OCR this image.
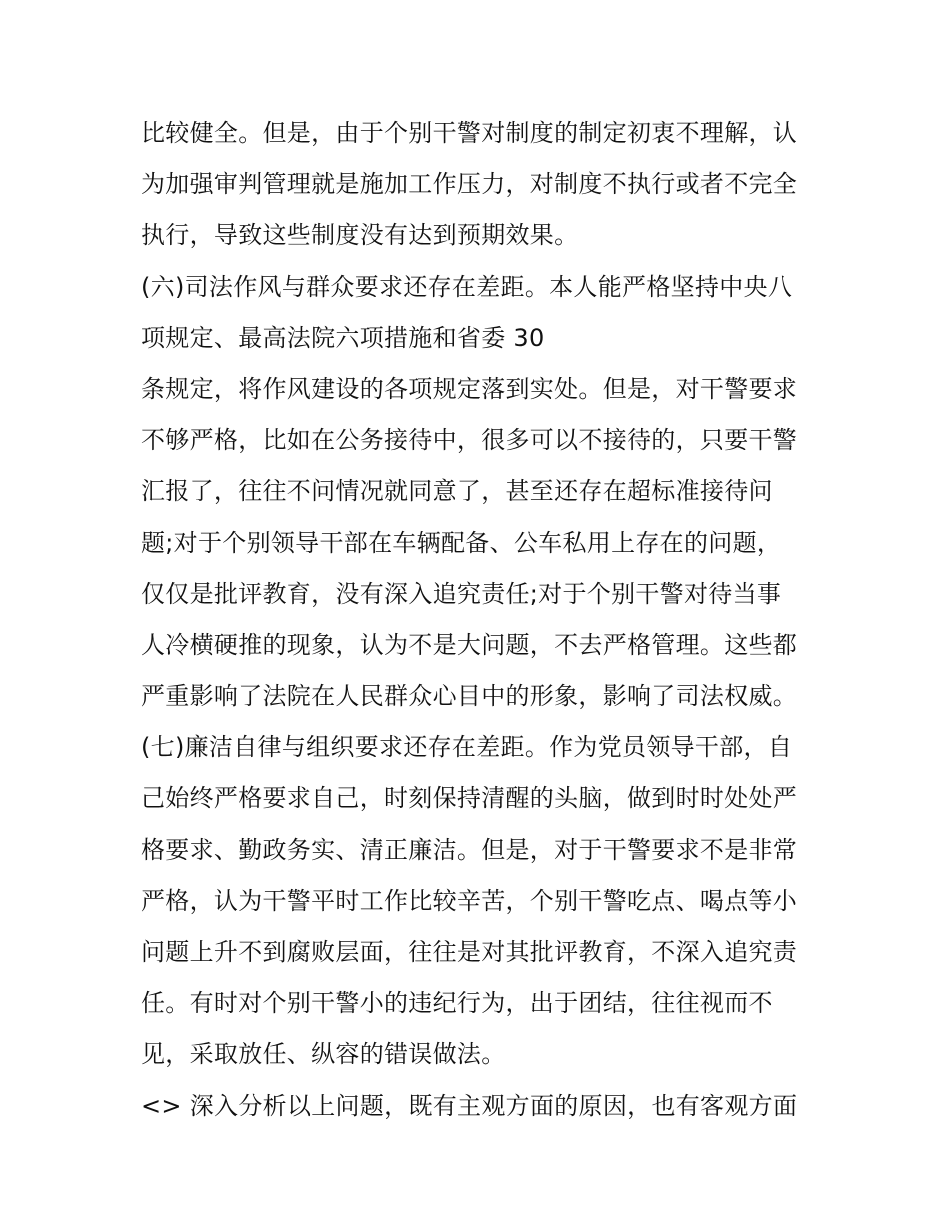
比较健全。但是，由于个别干警对制度的制定初衷不理解，认
为加强审判管理就是施加工作压力，对制度不执行或者不完全
执行，导致这些制度没有达到预期效果。
(六)司法作风与群众要求还存在差距。本人能严格坚持中央八
项规定、最高法院六项措施和省委 30
条规定，将作风建设的各项规定落到实处。但是，对干警要求
不够严格，比如在公务接待中，很多可以不接待的，只要干警
汇报了，往往不问情况就同意了，甚至还存在超标准接待问
题;对于个别领导干部在车辆配备、公车私用上存在的问题，
仅仅是批评教育，没有深入追究责任;对于个别干警对待当事
人冷横硬推的现象，认为不是大问题，不去严格管理。这些都
严重影响了法院在人民群众心目中的形象，影响了司法权威。
(七)廉洁自律与组织要求还存在差距。作为党员领导干部，自
己始终严格要求自己，时刻保持清醒的头脑，做到时时处处严
格要求、勤政务实、清正廉洁。但是，对于干警要求不是非常
严格，认为干警平时工作比较辛苦，个别干警吃点、喝点等小
问题上升不到腐败层面，往往是对其批评教育，不深入追究责
任。有时对个别干警小的违纪行为，出于团结，往往视而不
见，采取放任、纵容的错误做法。
<> 深入分析以上问题，既有主观方面的原因，也有客观方面
